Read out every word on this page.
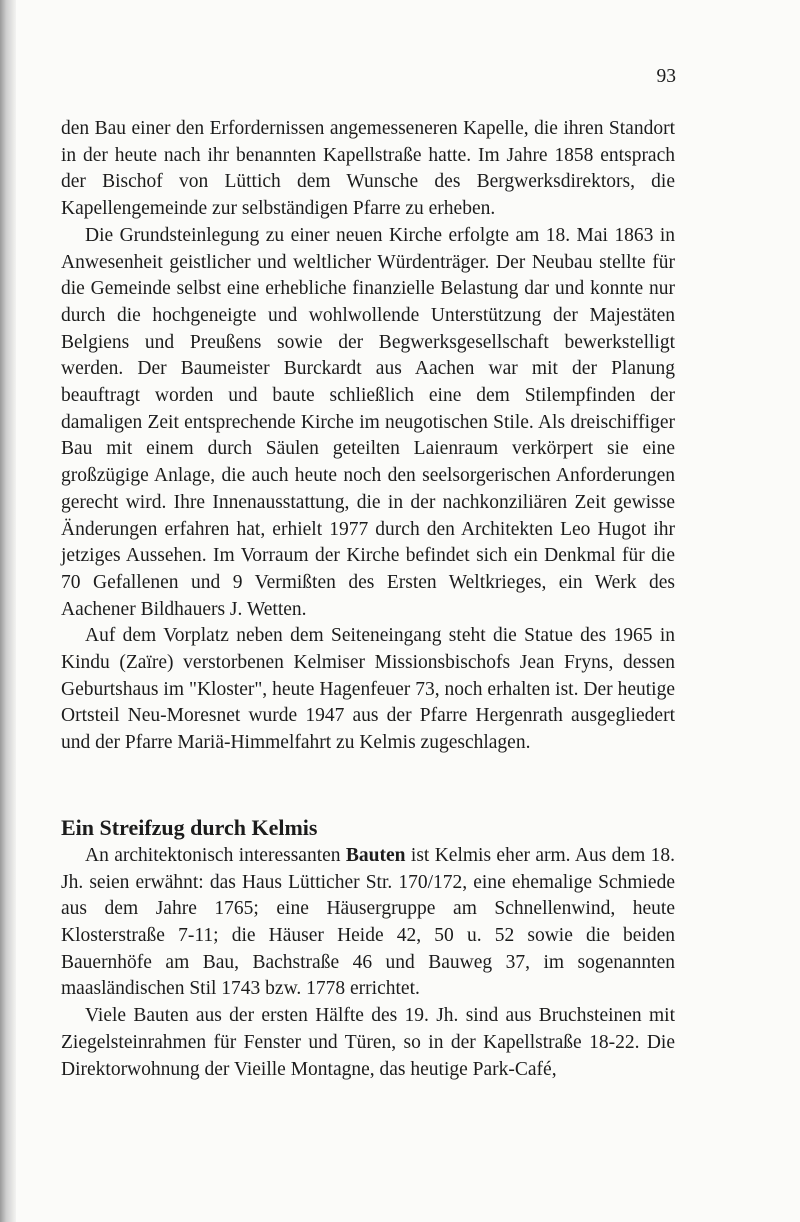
93

den Bau einer den Erfordernissen angemesseneren Kapelle, die ihren Standort in der heute nach ihr benannten Kapellstraße hatte. Im Jahre 1858 entsprach der Bischof von Lüttich dem Wunsche des Bergwerksdirektors, die Kapellengemeinde zur selbständigen Pfarre zu erheben.

Die Grundsteinlegung zu einer neuen Kirche erfolgte am 18. Mai 1863 in Anwesenheit geistlicher und weltlicher Würdenträger. Der Neubau stellte für die Gemeinde selbst eine erhebliche finanzielle Belastung dar und konnte nur durch die hochgeneigte und wohlwollende Unterstützung der Majestäten Belgiens und Preußens sowie der Begwerksgesellschaft bewerkstelligt werden. Der Baumeister Burckardt aus Aachen war mit der Planung beauftragt worden und baute schließlich eine dem Stilempfinden der damaligen Zeit entsprechende Kirche im neugotischen Stile. Als dreischiffiger Bau mit einem durch Säulen geteilten Laienraum verkörpert sie eine großzügige Anlage, die auch heute noch den seelsorgerischen Anforderungen gerecht wird. Ihre Innenausstattung, die in der nachkonziliären Zeit gewisse Änderungen erfahren hat, erhielt 1977 durch den Architekten Leo Hugot ihr jetziges Aussehen. Im Vorraum der Kirche befindet sich ein Denkmal für die 70 Gefallenen und 9 Vermißten des Ersten Weltkrieges, ein Werk des Aachener Bildhauers J. Wetten.

Auf dem Vorplatz neben dem Seiteneingang steht die Statue des 1965 in Kindu (Zaïre) verstorbenen Kelmiser Missionsbischofs Jean Fryns, dessen Geburtshaus im "Kloster", heute Hagenfeuer 73, noch erhalten ist. Der heutige Ortsteil Neu-Moresnet wurde 1947 aus der Pfarre Hergenrath ausgegliedert und der Pfarre Mariä-Himmelfahrt zu Kelmis zugeschlagen.

Ein Streifzug durch Kelmis

An architektonisch interessanten Bauten ist Kelmis eher arm. Aus dem 18. Jh. seien erwähnt: das Haus Lütticher Str. 170/172, eine ehemalige Schmiede aus dem Jahre 1765; eine Häusergruppe am Schnellenwind, heute Klosterstraße 7-11; die Häuser Heide 42, 50 u. 52 sowie die beiden Bauernhöfe am Bau, Bachstraße 46 und Bauweg 37, im sogenannten maasländischen Stil 1743 bzw. 1778 errichtet.

Viele Bauten aus der ersten Hälfte des 19. Jh. sind aus Bruchsteinen mit Ziegelsteinrahmen für Fenster und Türen, so in der Kapellstraße 18-22. Die Direktorwohnung der Vieille Montagne, das heutige Park-Café,
